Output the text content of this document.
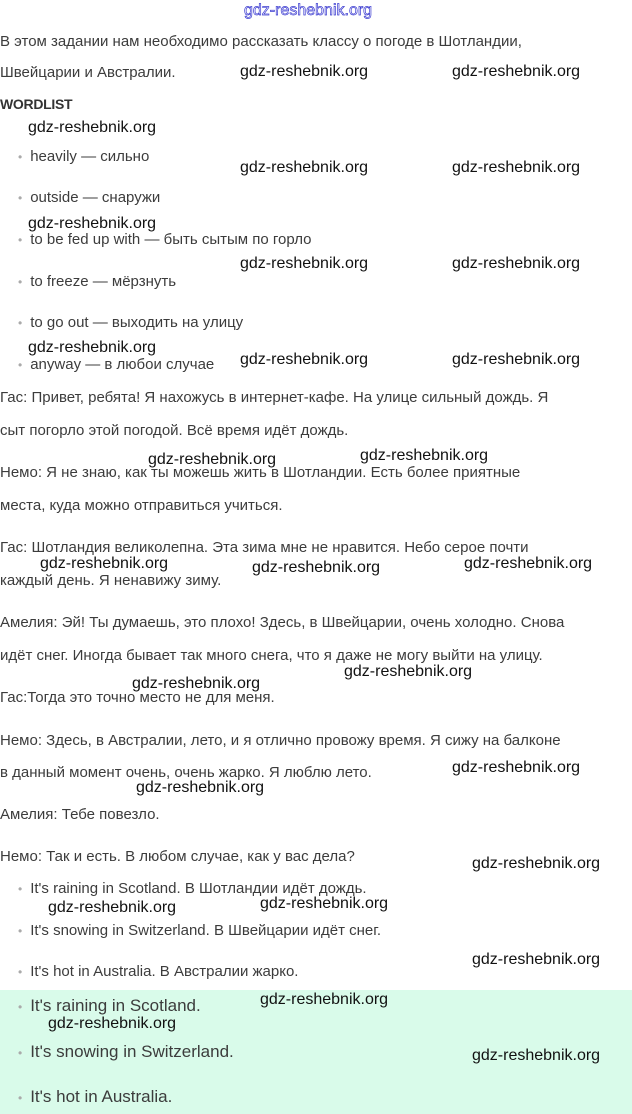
gdz-reshebnik.org
В этом задании нам необходимо рассказать классу о погоде в Шотландии,
Швейцарии и Австралии.
WORDLIST
• heavily — сильно
• outside — снаружи
• to be fed up with — быть сытым по горло
• to freeze — мёрзнуть
• to go out — выходить на улицу
• anyway — в любои случае
Гас: Привет, ребята! Я нахожусь в интернет-кафе. На улице сильный дождь. Я
сыт погорло этой погодой. Всё время идёт дождь.
Немо: Я не знаю, как ты можешь жить в Шотландии. Есть более приятные
места, куда можно отправиться учиться.
Гас: Шотландия великолепна. Эта зима мне не нравится. Небо серое почти
каждый день. Я ненавижу зиму.
Амелия: Эй! Ты думаешь, это плохо! Здесь, в Швейцарии, очень холодно. Снова
идёт снег. Иногда бывает так много снега, что я даже не могу выйти на улицу.
Гас:Тогда это точно место не для меня.
Немо: Здесь, в Австралии, лето, и я отлично провожу время. Я сижу на балконе
в данный момент очень, очень жарко. Я люблю лето.
Амелия: Тебе повезло.
Немо: Так и есть. В любом случае, как у вас дела?
• It's raining in Scotland. В Шотландии идёт дождь.
• It's snowing in Switzerland. В Швейцарии идёт снег.
• It's hot in Australia. В Австралии жарко.
• It's raining in Scotland.
• It's snowing in Switzerland.
• It's hot in Australia.
gdz-reshebnik.org	gdz-reshebnik.org
gdz-reshebnik.org
gdz-reshebnik.org	gdz-reshebnik.org
gdz-reshebnik.org
gdz-reshebnik.org	gdz-reshebnik.org
gdz-reshebnik.org
gdz-reshebnik.org	gdz-reshebnik.org
gdz-reshebnik.org	gdz-reshebnik.org
gdz-reshebnik.org	gdz-reshebnik.org	gdz-reshebnik.org
gdz-reshebnik.org
gdz-reshebnik.org
gdz-reshebnik.org
gdz-reshebnik.org
gdz-reshebnik.org
gdz-reshebnik.org	gdz-reshebnik.org
gdz-reshebnik.org
gdz-reshebnik.org
gdz-reshebnik.org
gdz-reshebnik.org
